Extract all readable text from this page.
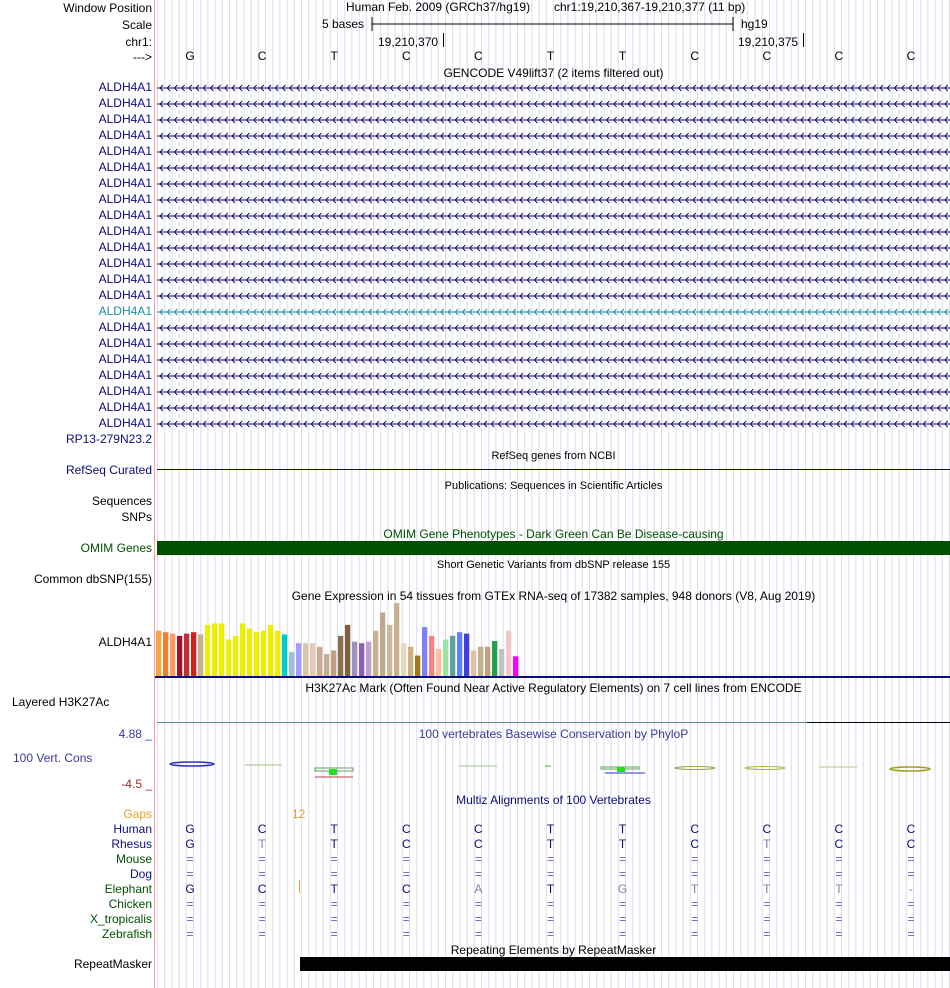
Window Position
Scale
chr1:
--->
Human Feb. 2009 (GRCh37/hg19) chr1:19,210,367-19,210,377 (11 bp)
5 bases	hg19
19,210,370	19,210,375
G	C	T	C	C	T	T	C	C	C	C
GENCODE V49lift37 (2 items filtered out)
ALDH4A1
ALDH4A1
ALDH4A1
ALDH4A1
ALDH4A1
ALDH4A1
ALDH4A1
ALDH4A1
ALDH4A1
ALDH4A1
ALDH4A1
ALDH4A1
ALDH4A1
ALDH4A1
ALDH4A1
ALDH4A1
ALDH4A1
ALDH4A1
ALDH4A1
ALDH4A1
ALDH4A1
ALDH4A1
RP13-279N23.2
RefSeq genes from NCBI
RefSeq Curated
Publications: Sequences in Scientific Articles
Sequences
SNPs
OMIM Gene Phenotypes - Dark Green Can Be Disease-causing
OMIM Genes
Short Genetic Variants from dbSNP release 155
Common dbSNP(155)
Gene Expression in 54 tissues from GTEx RNA-seq of 17382 samples, 948 donors (V8, Aug 2019)
ALDH4A1
H3K27Ac Mark (Often Found Near Active Regulatory Elements) on 7 cell lines from ENCODE
Layered H3K27Ac
100 vertebrates Basewise Conservation by PhyloP
4.88 _
100 Vert. Cons
-4.5 _
Multiz Alignments of 100 Vertebrates
Gaps	12
Human	G	C	T	C	C	T	T	C	C	C	C
Rhesus	G	T	T	C	C	T	T	C	T	C	C
Mouse	=	=	=	=	=	=	=	=	=	=	=
Dog	=	=	=	=	=	=	=	=	=	=	=
Elephant	G	C	T	C	A	T	G	T	T	T	-
Chicken	=	=	=	=	=	=	=	=	=	=	=
X_tropicalis	=	=	=	=	=	=	=	=	=	=	=
Zebrafish	=	=	=	=	=	=	=	=	=	=	=
Repeating Elements by RepeatMasker
RepeatMasker
